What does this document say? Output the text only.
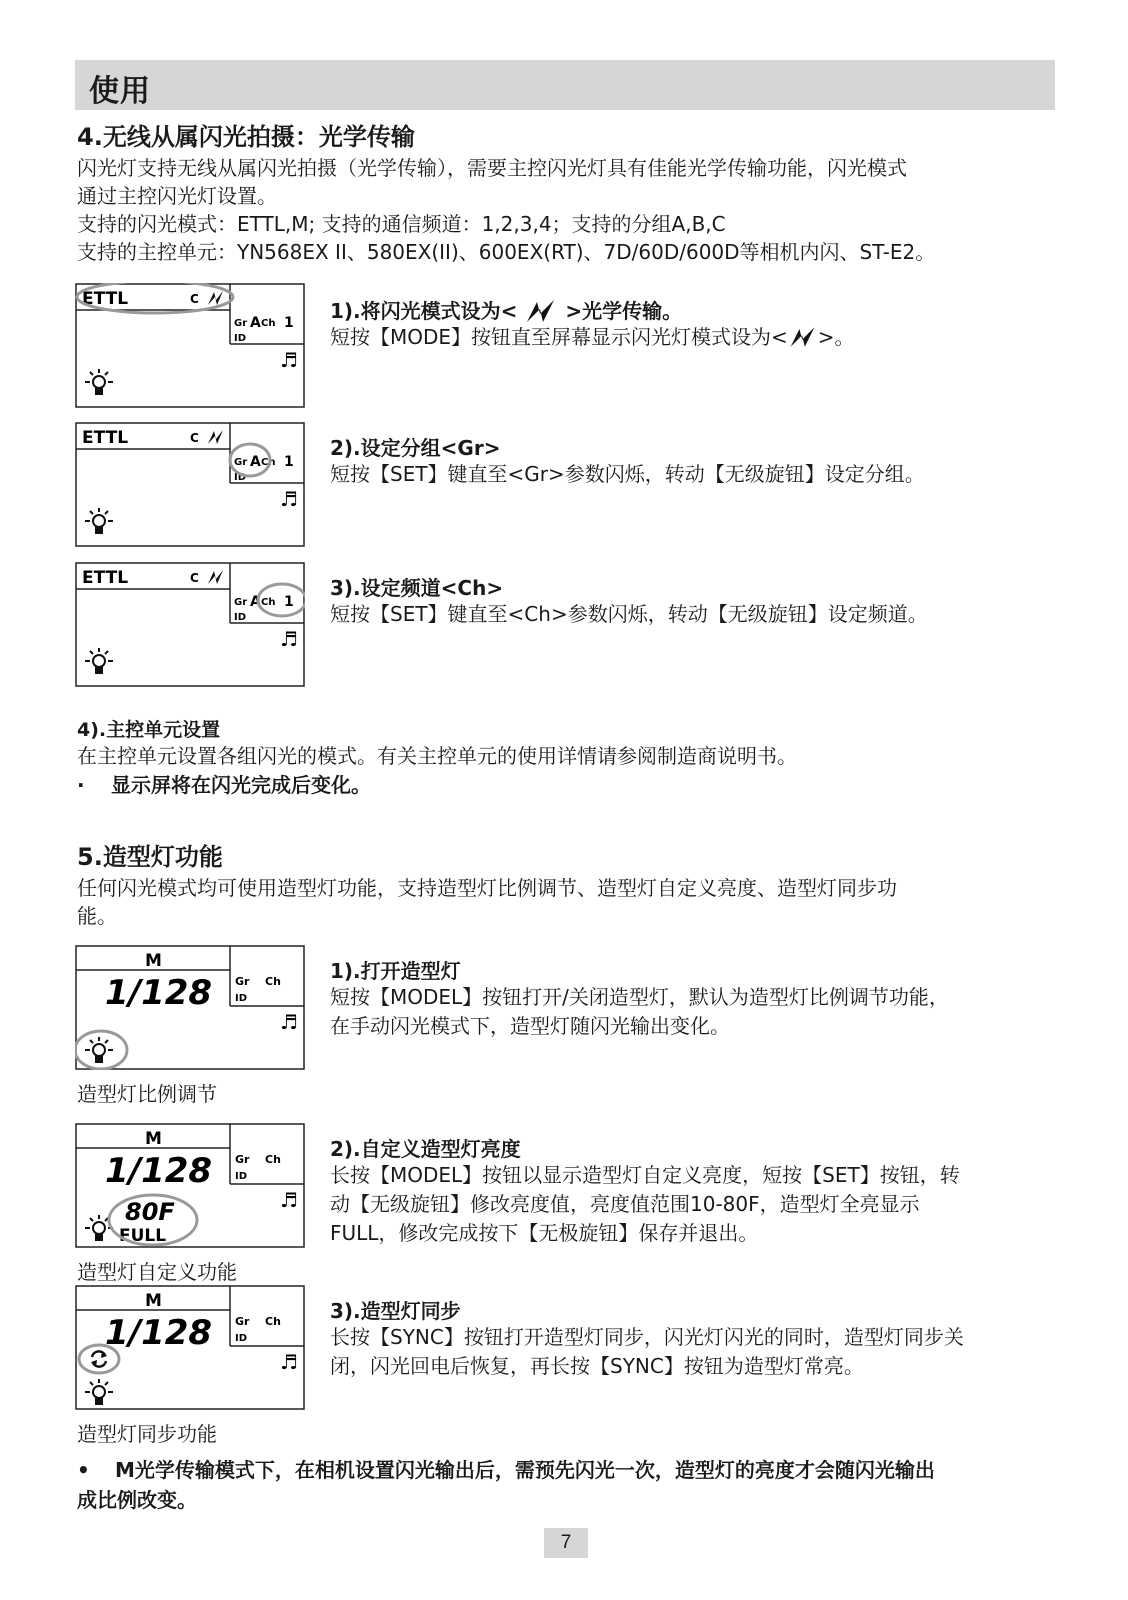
使用
4.无线从属闪光拍摄：光学传输
闪光灯支持无线从属闪光拍摄（光学传输），需要主控闪光灯具有佳能光学传输功能，闪光模式
通过主控闪光灯设置。
支持的闪光模式：ETTL,M; 支持的通信频道：1,2,3,4；支持的分组A,B,C
支持的主控单元：YN568EX II、580EX(II)、600EX(RT)、7D/60D/600D等相机内闪、ST-E2。
ETTL	C
Gr A Ch 1
ID
♬
1).将闪光模式设为< >光学传输。
短按【MODE】按钮直至屏幕显示闪光灯模式设为< >。
ETTL	C
Gr A Ch 1
ID
♬
2).设定分组<Gr>
短按【SET】键直至<Gr>参数闪烁，转动【无级旋钮】设定分组。
ETTL	C
Gr A Ch 1
ID
♬
3).设定频道<Ch>
短按【SET】键直至<Ch>参数闪烁，转动【无级旋钮】设定频道。
4).主控单元设置
在主控单元设置各组闪光的模式。有关主控单元的使用详情请参阅制造商说明书。
· 显示屏将在闪光完成后变化。
5.造型灯功能
任何闪光模式均可使用造型灯功能，支持造型灯比例调节、造型灯自定义亮度、造型灯同步功
能。
M
1/128 Gr Ch
ID
♬
1).打开造型灯
短按【MODEL】按钮打开/关闭造型灯，默认为造型灯比例调节功能，
在手动闪光模式下，造型灯随闪光输出变化。
造型灯比例调节
M
1/128 Gr Ch
ID
♬
80F
FULL
2).自定义造型灯亮度
长按【MODEL】按钮以显示造型灯自定义亮度，短按【SET】按钮，转
动【无级旋钮】修改亮度值，亮度值范围10-80F，造型灯全亮显示
FULL，修改完成按下【无极旋钮】保存并退出。
造型灯自定义功能
M
1/128 Gr Ch
ID
♬
3).造型灯同步
长按【SYNC】按钮打开造型灯同步，闪光灯闪光的同时，造型灯同步关
闭，闪光回电后恢复，再长按【SYNC】按钮为造型灯常亮。
造型灯同步功能
• M光学传输模式下，在相机设置闪光输出后，需预先闪光一次，造型灯的亮度才会随闪光输出
成比例改变。
7
